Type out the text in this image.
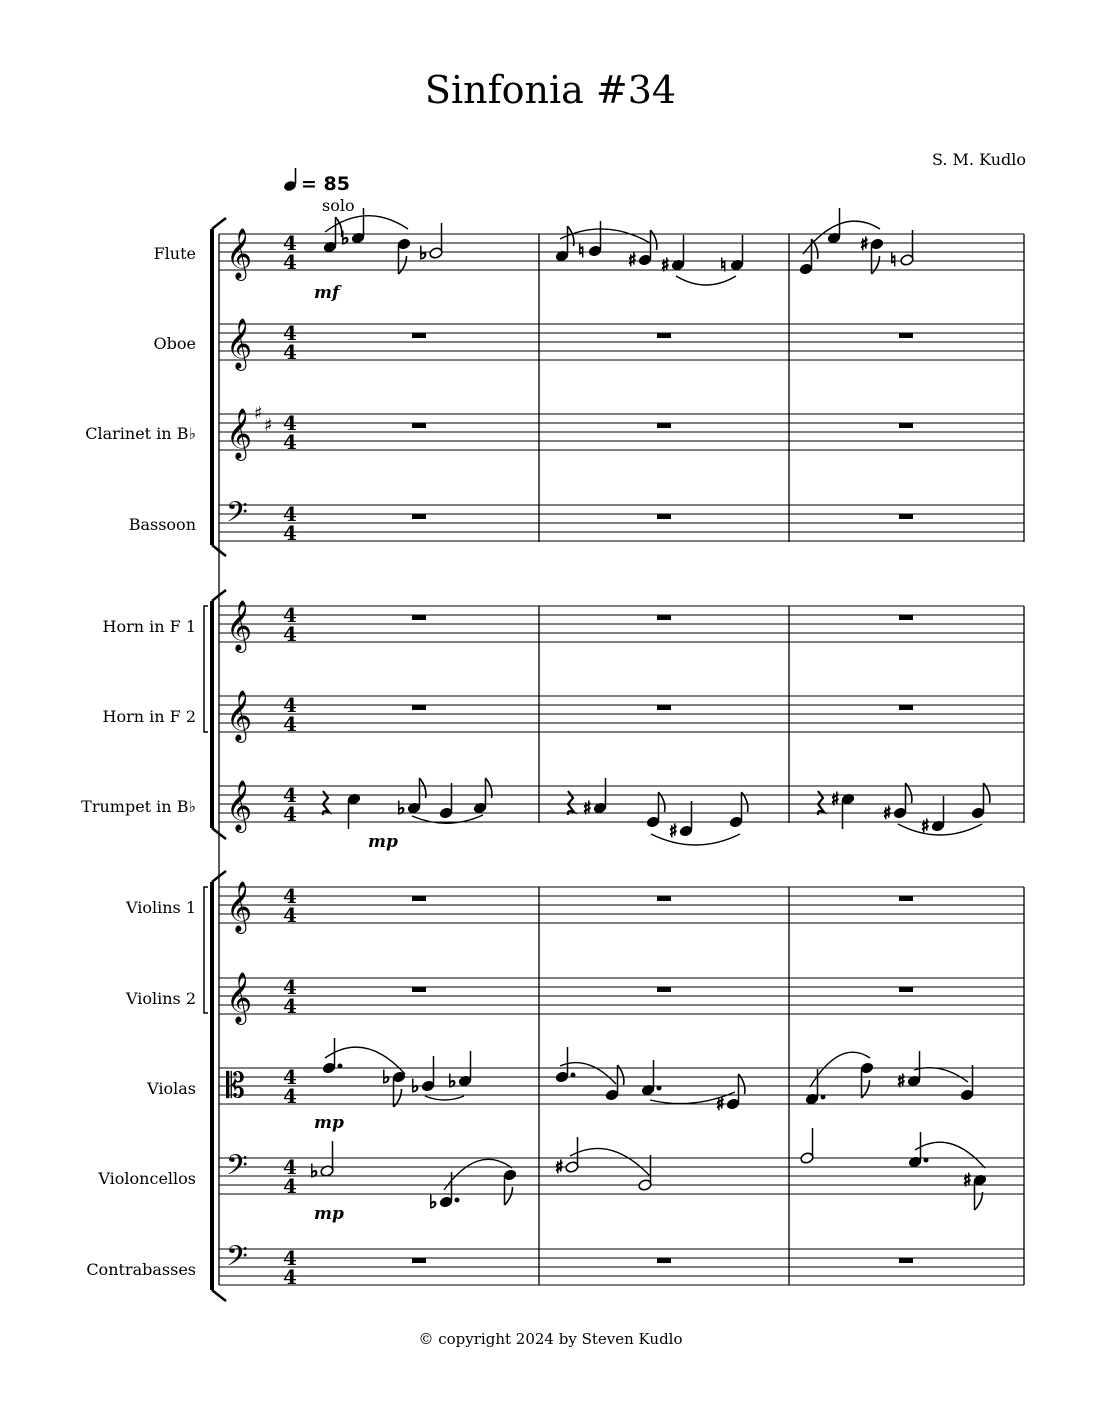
Sinfonia #34
S. M. Kudlo
= 85
solo
Flute
Oboe
Clarinet in B♭
Bassoon
Horn in F 1
Horn in F 2
Trumpet in B♭
Violins 1
Violins 2
Violas
Violoncellos
Contrabasses
𝄞 4
4
𝄞 4
4
𝄞 ♯
♯ 4
4
𝄢 4
4
𝄞 4
4
𝄞 4
4
𝄞 4
4
𝄞 4
4
𝄞 4
4
𝄡 4
4
𝄢 4
4
𝄢 4
4
mf
mp
mp
mp
♭
♭	♮ ♯ ♯	♮
♯
♮
♭	♯
♯
♯
♯
♯
♭ ♭ ♭
♯
♯
♭
♭
♯
♯
© copyright 2024 by Steven Kudlo
